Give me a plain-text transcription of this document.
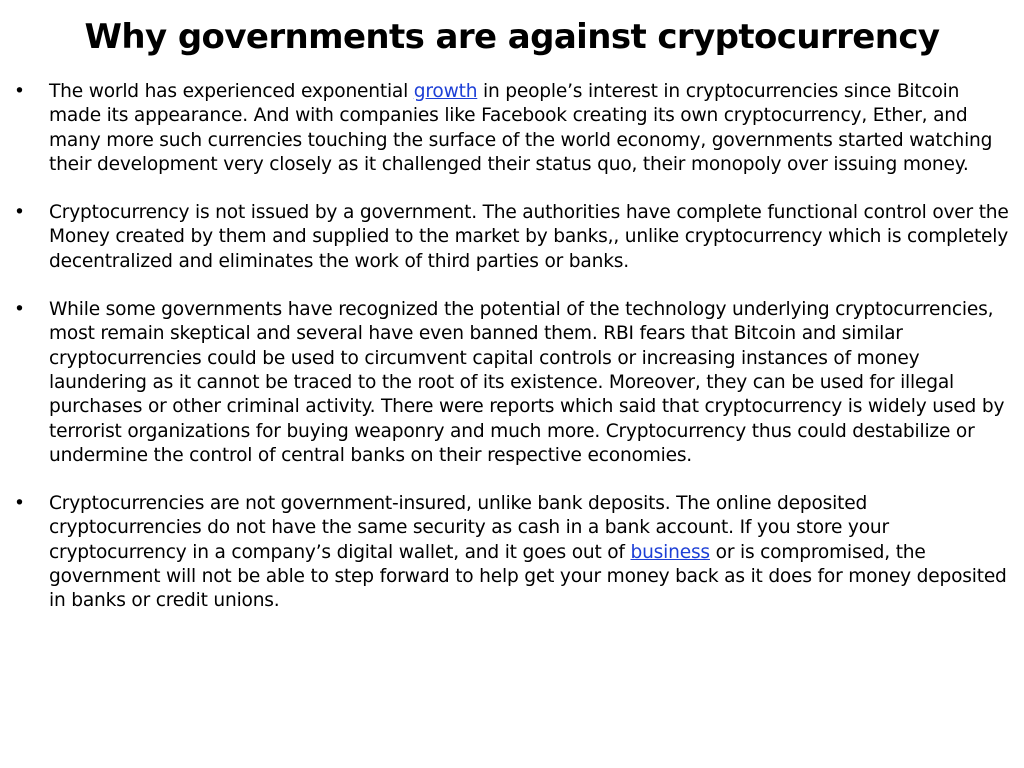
Why governments are against cryptocurrency
•	The world has experienced exponential growth in people’s interest in cryptocurrencies since Bitcoin made its appearance. And with companies like Facebook creating its own cryptocurrency, Ether, and many more such currencies touching the surface of the world economy, governments started watching their development very closely as it challenged their status quo, their monopoly over issuing money.
•	Cryptocurrency is not issued by a government. The authorities have complete functional control over the Money created by them and supplied to the market by banks,, unlike cryptocurrency which is completely decentralized and eliminates the work of third parties or banks.
•	While some governments have recognized the potential of the technology underlying cryptocurrencies, most remain skeptical and several have even banned them. RBI fears that Bitcoin and similar cryptocurrencies could be used to circumvent capital controls or increasing instances of money laundering as it cannot be traced to the root of its existence. Moreover, they can be used for illegal purchases or other criminal activity. There were reports which said that cryptocurrency is widely used by terrorist organizations for buying weaponry and much more. Cryptocurrency thus could destabilize or undermine the control of central banks on their respective economies.
•	Cryptocurrencies are not government-insured, unlike bank deposits. The online deposited cryptocurrencies do not have the same security as cash in a bank account. If you store your cryptocurrency in a company’s digital wallet, and it goes out of business or is compromised, the government will not be able to step forward to help get your money back as it does for money deposited in banks or credit unions.
